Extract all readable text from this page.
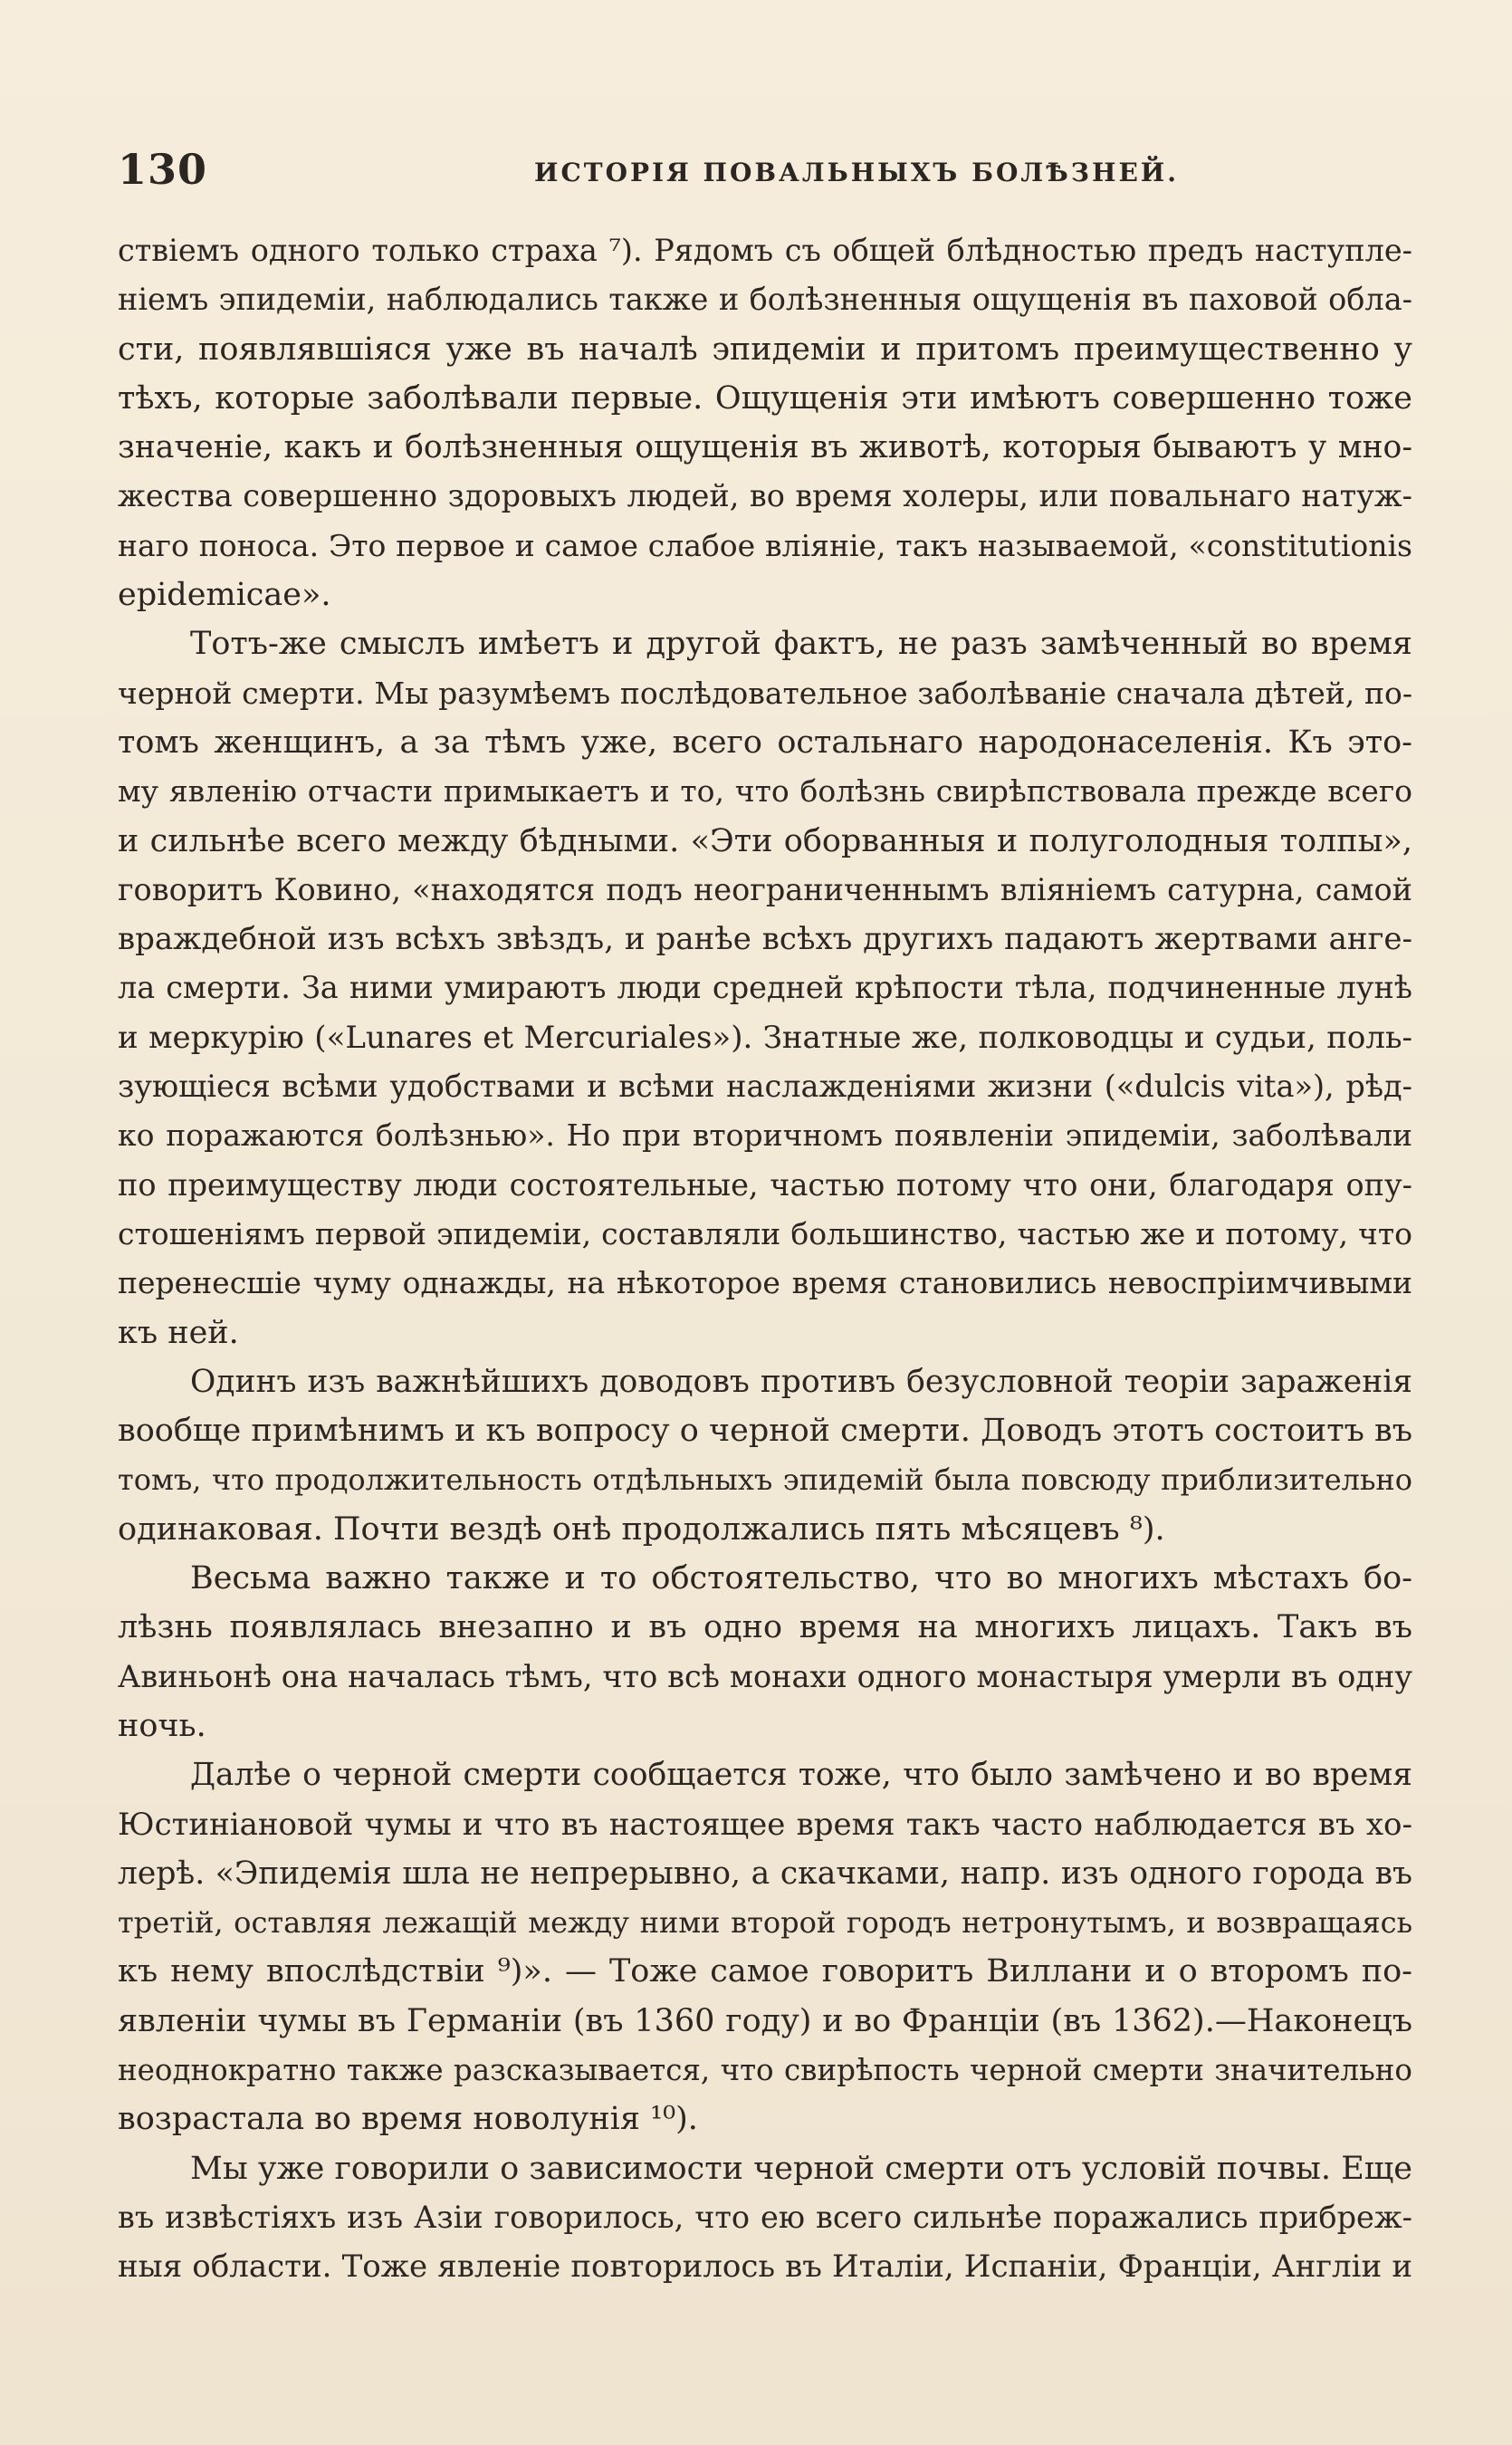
130	ИСТОРІЯ ПОВАЛЬНЫХЪ БОЛѢЗНЕЙ.
ствіемъ одного только страха ⁷). Рядомъ съ общей блѣдностью предъ наступле-
ніемъ эпидеміи, наблюдались также и болѣзненныя ощущенія въ паховой обла-
сти, появлявшіяся уже въ началѣ эпидеміи и притомъ преимущественно у
тѣхъ, которые заболѣвали первые. Ощущенія эти имѣютъ совершенно тоже
значеніе, какъ и болѣзненныя ощущенія въ животѣ, которыя бываютъ у мно-
жества совершенно здоровыхъ людей, во время холеры, или повальнаго натуж-
наго поноса. Это первое и самое слабое вліяніе, такъ называемой, «constitutionis
epidemicae».
Тотъ-же смыслъ имѣетъ и другой фактъ, не разъ замѣченный во время
черной смерти. Мы разумѣемъ послѣдовательное заболѣваніе сначала дѣтей, по-
томъ женщинъ, а за тѣмъ уже, всего остальнаго народонаселенія. Къ это-
му явленію отчасти примыкаетъ и то, что болѣзнь свирѣпствовала прежде всего
и сильнѣе всего между бѣдными. «Эти оборванныя и полуголодныя толпы»,
говоритъ Ковино, «находятся подъ неограниченнымъ вліяніемъ сатурна, самой
враждебной изъ всѣхъ звѣздъ, и ранѣе всѣхъ другихъ падаютъ жертвами анге-
ла смерти. За ними умираютъ люди средней крѣпости тѣла, подчиненные лунѣ
и меркурію («Lunares et Mercuriales»). Знатные же, полководцы и судьи, поль-
зующіеся всѣми удобствами и всѣми наслажденіями жизни («dulcis vita»), рѣд-
ко поражаются болѣзнью». Но при вторичномъ появленіи эпидеміи, заболѣвали
по преимуществу люди состоятельные, частью потому что они, благодаря опу-
стошеніямъ первой эпидеміи, составляли большинство, частью же и потому, что
перенесшіе чуму однажды, на нѣкоторое время становились невоспріимчивыми
къ ней.
Одинъ изъ важнѣйшихъ доводовъ противъ безусловной теоріи зараженія
вообще примѣнимъ и къ вопросу о черной смерти. Доводъ этотъ состоитъ въ
томъ, что продолжительность отдѣльныхъ эпидемій была повсюду приблизительно
одинаковая. Почти вездѣ онѣ продолжались пять мѣсяцевъ ⁸).
Весьма важно также и то обстоятельство, что во многихъ мѣстахъ бо-
лѣзнь появлялась внезапно и въ одно время на многихъ лицахъ. Такъ въ
Авиньонѣ она началась тѣмъ, что всѣ монахи одного монастыря умерли въ одну
ночь.
Далѣе о черной смерти сообщается тоже, что было замѣчено и во время
Юстиніановой чумы и что въ настоящее время такъ часто наблюдается въ хо-
лерѣ. «Эпидемія шла не непрерывно, а скачками, напр. изъ одного города въ
третій, оставляя лежащій между ними второй городъ нетронутымъ, и возвращаясь
къ нему впослѣдствіи ⁹)». — Тоже самое говоритъ Виллани и о второмъ по-
явленіи чумы въ Германіи (въ 1360 году) и во Франціи (въ 1362).—Наконецъ
неоднократно также разсказывается, что свирѣпость черной смерти значительно
возрастала во время новолунія ¹⁰).
Мы уже говорили о зависимости черной смерти отъ условій почвы. Еще
въ извѣстіяхъ изъ Азіи говорилось, что ею всего сильнѣе поражались прибреж-
ныя области. Тоже явленіе повторилось въ Италіи, Испаніи, Франціи, Англіи и
